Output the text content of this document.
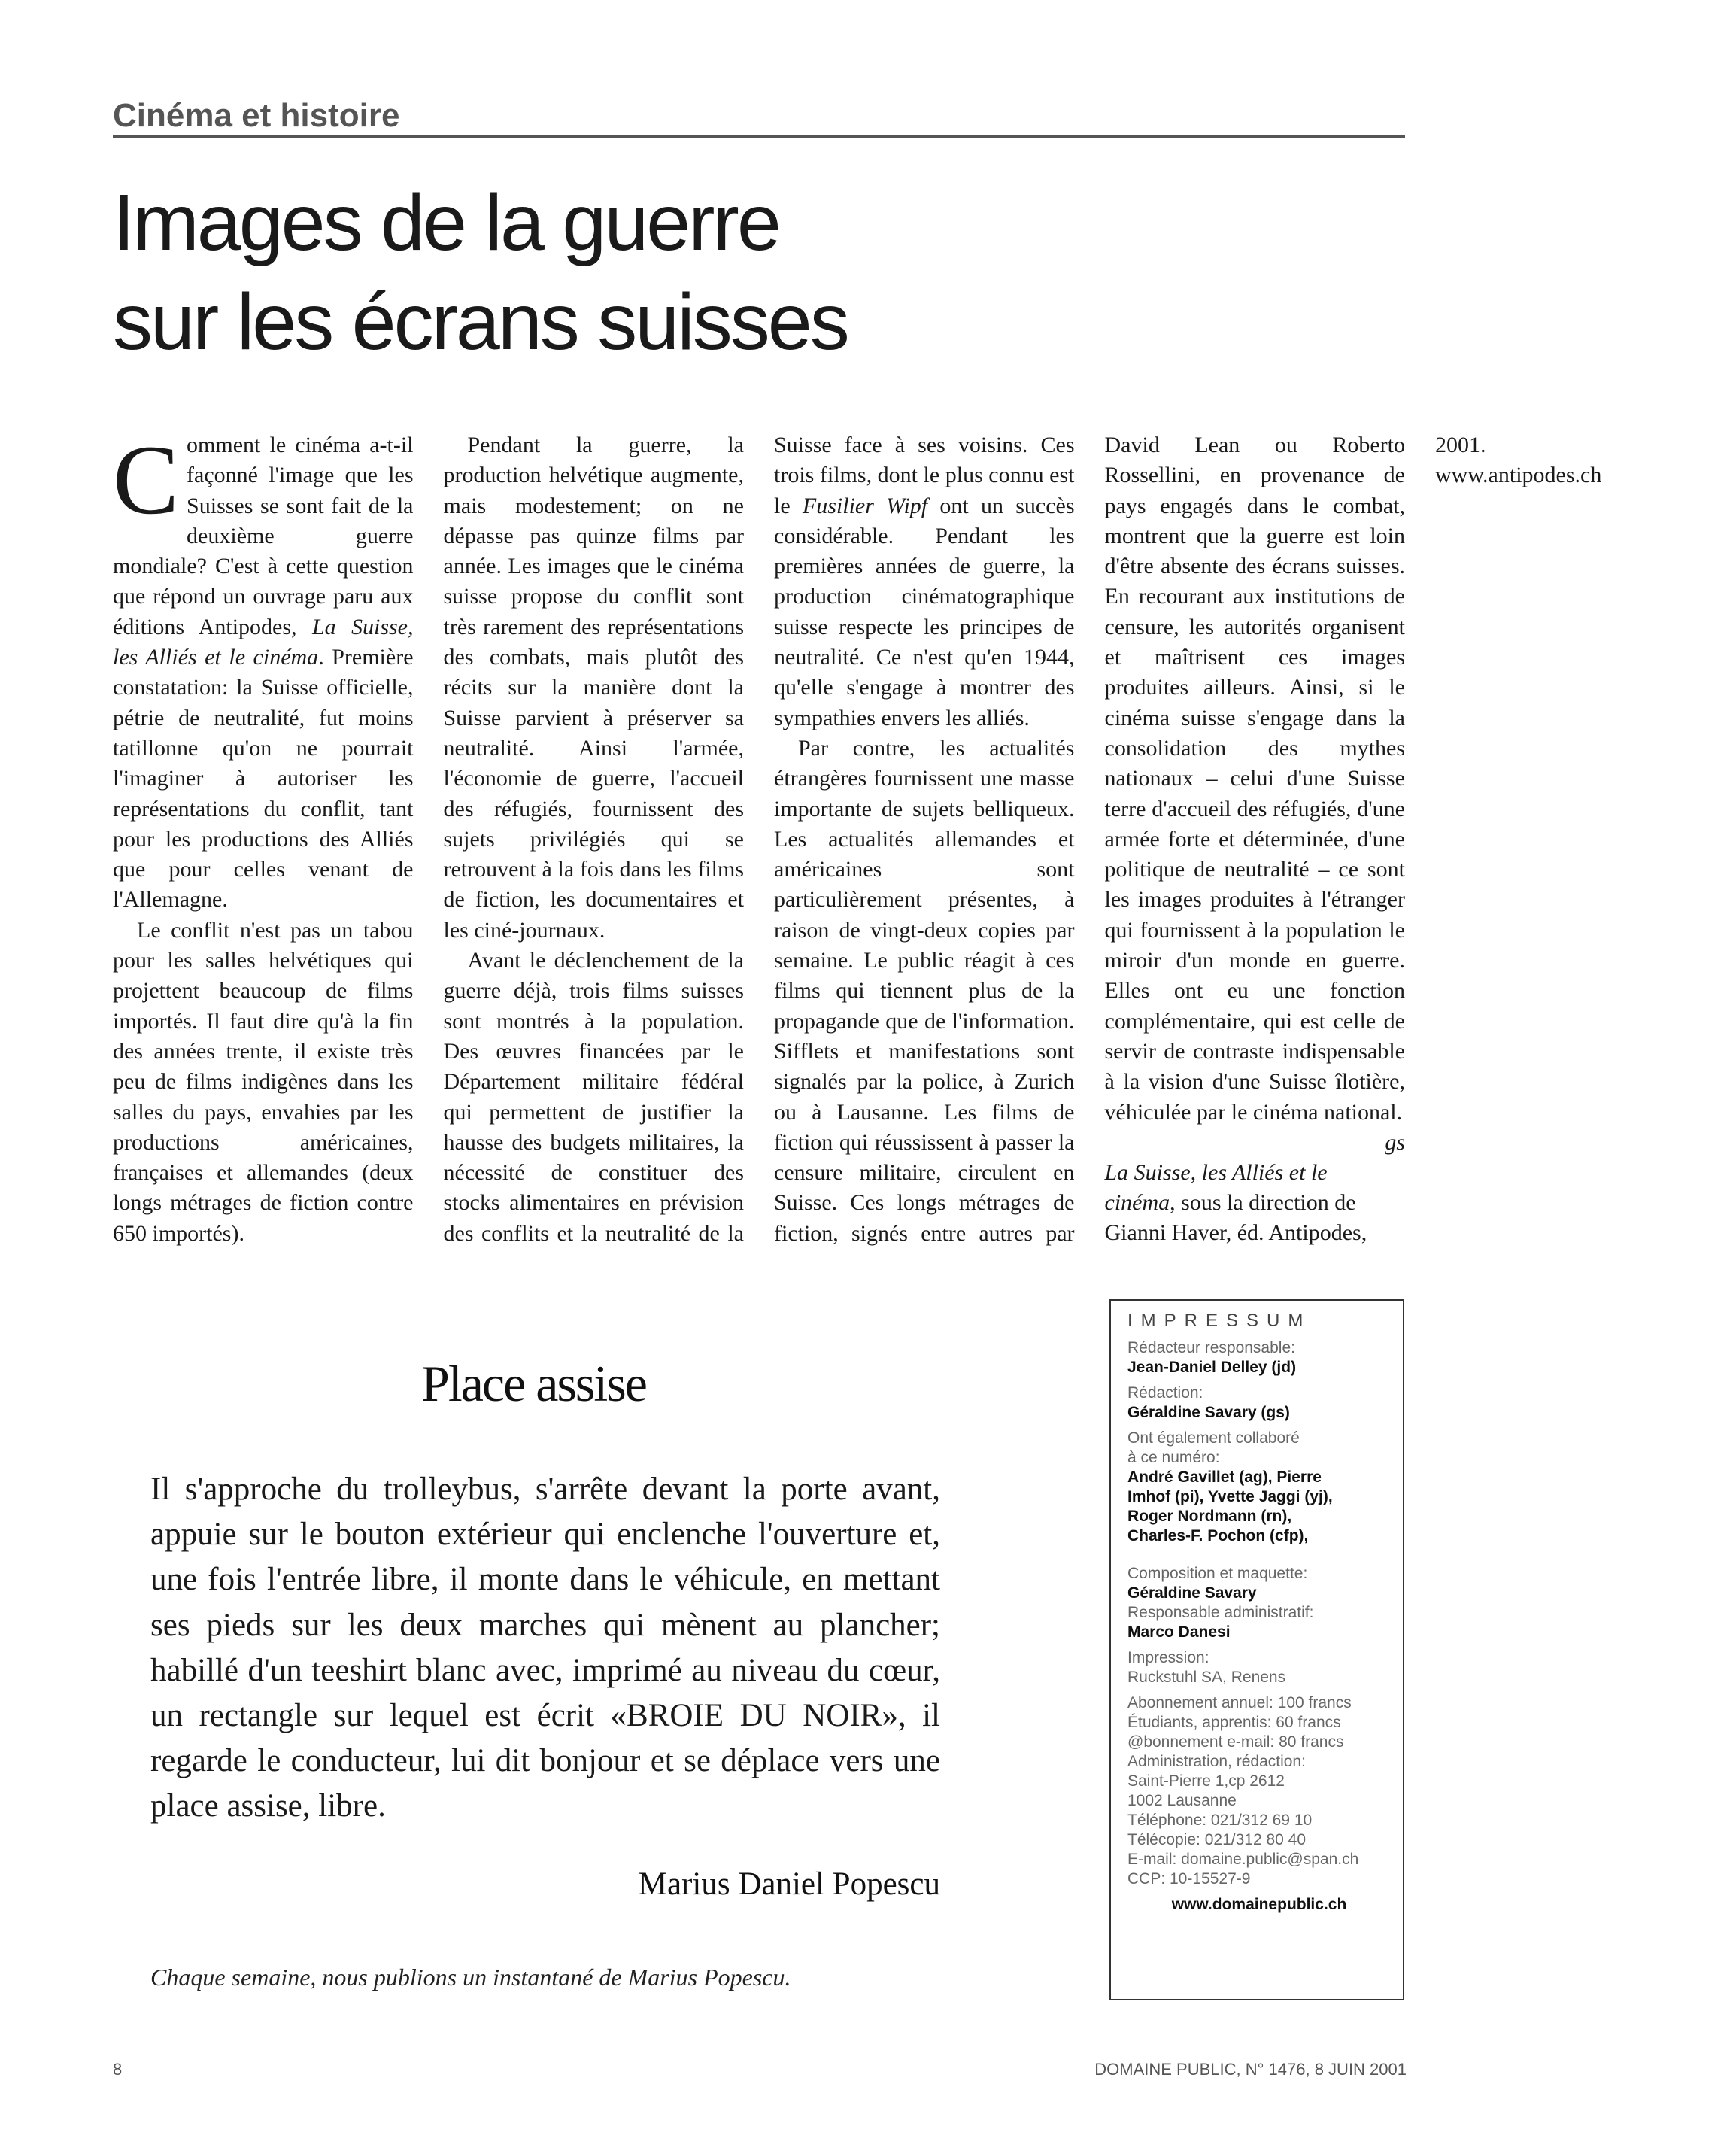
Cinéma et histoire
Images de la guerre
sur les écrans suisses

Comment le cinéma a-t-il façonné l'image que les Suisses se sont fait de la deuxième guerre mondiale? C'est à cette question que répond un ouvrage paru aux éditions Antipodes, La Suisse, les Alliés et le cinéma. Première constatation: la Suisse officielle, pétrie de neutralité, fut moins tatillonne qu'on ne pourrait l'imaginer à autoriser les représentations du conflit, tant pour les productions des Alliés que pour celles venant de l'Allemagne.

Le conflit n'est pas un tabou pour les salles helvétiques qui projettent beaucoup de films importés. Il faut dire qu'à la fin des années trente, il existe très peu de films indigènes dans les salles du pays, envahies par les productions américaines, françaises et allemandes (deux longs métrages de fiction contre 650 importés).

Pendant la guerre, la production helvétique augmente, mais modestement; on ne dépasse pas quinze films par année. Les images que le cinéma suisse propose du conflit sont très rarement des représentations des combats, mais plutôt des récits sur la manière dont la Suisse parvient à préserver sa neutralité. Ainsi l'armée, l'économie de guerre, l'accueil des réfugiés, fournissent des sujets privilégiés qui se retrouvent à la fois dans les films de fiction, les documentaires et les ciné-journaux.

Avant le déclenchement de la guerre déjà, trois films suisses sont montrés à la population. Des œuvres financées par le Département militaire fédéral qui permettent de justifier la hausse des budgets militaires, la nécessité de constituer des stocks alimentaires en prévision des conflits et la neutralité de la Suisse face à ses voisins. Ces trois films, dont le plus connu est le Fusilier Wipf ont un succès considérable. Pendant les premières années de guerre, la production cinématographique suisse respecte les principes de neutralité. Ce n'est qu'en 1944, qu'elle s'engage à montrer des sympathies envers les alliés.

Par contre, les actualités étrangères fournissent une masse importante de sujets belliqueux. Les actualités allemandes et américaines sont particulièrement présentes, à raison de vingt-deux copies par semaine. Le public réagit à ces films qui tiennent plus de la propagande que de l'information. Sifflets et manifestations sont signalés par la police, à Zurich ou à Lausanne. Les films de fiction qui réussissent à passer la censure militaire, circulent en Suisse. Ces longs métrages de fiction, signés entre autres par David Lean ou Roberto Rossellini, en provenance de pays engagés dans le combat, montrent que la guerre est loin d'être absente des écrans suisses. En recourant aux institutions de censure, les autorités organisent et maîtrisent ces images produites ailleurs. Ainsi, si le cinéma suisse s'engage dans la consolidation des mythes nationaux – celui d'une Suisse terre d'accueil des réfugiés, d'une armée forte et déterminée, d'une politique de neutralité – ce sont les images produites à l'étranger qui fournissent à la population le miroir d'un monde en guerre. Elles ont eu une fonction complémentaire, qui est celle de servir de contraste indispensable à la vision d'une Suisse îlotière, véhiculée par le cinéma national.
gs

La Suisse, les Alliés et le cinéma, sous la direction de Gianni Haver, éd. Antipodes, 2001.
www.antipodes.ch

IMPRESSUM
Rédacteur responsable:
Jean-Daniel Delley (jd)
Rédaction:
Géraldine Savary (gs)
Ont également collaboré
à ce numéro:
André Gavillet (ag), Pierre
Imhof (pi), Yvette Jaggi (yj),
Roger Nordmann (rn),
Charles-F. Pochon (cfp),
Composition et maquette:
Géraldine Savary
Responsable administratif:
Marco Danesi
Impression:
Ruckstuhl SA, Renens
Abonnement annuel: 100 francs
Étudiants, apprentis: 60 francs
@bonnement e-mail: 80 francs
Administration, rédaction:
Saint-Pierre 1,cp 2612
1002 Lausanne
Téléphone: 021/312 69 10
Télécopie: 021/312 80 40
E-mail: domaine.public@span.ch
CCP: 10-15527-9
www.domainepublic.ch
Place assise
Il s'approche du trolleybus, s'arrête devant la porte avant, appuie sur le bouton extérieur qui enclenche l'ouverture et, une fois l'entrée libre, il monte dans le véhicule, en mettant ses pieds sur les deux marches qui mènent au plancher; habillé d'un teeshirt blanc avec, imprimé au niveau du cœur, un rectangle sur lequel est écrit «BROIE DU NOIR», il regarde le conducteur, lui dit bonjour et se déplace vers une place assise, libre.
Marius Daniel Popescu
Chaque semaine, nous publions un instantané de Marius Popescu.
8	DOMAINE PUBLIC, N° 1476, 8 JUIN 2001
